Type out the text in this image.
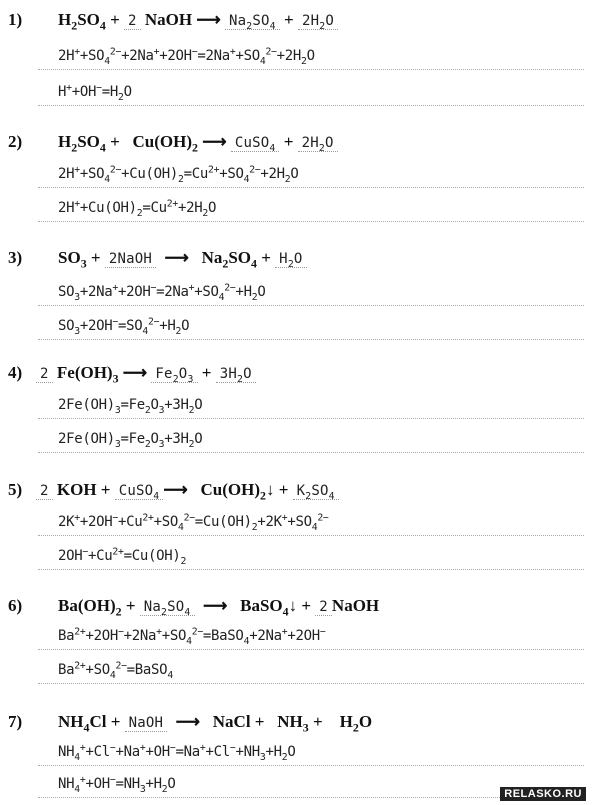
1) $H_2SO_4 + 2$ NaOH ⟶ $Na_2SO_4 + 2H_2O$
$2H^++SO_4^{2-}+2Na^++2OH^-=2Na^++SO_4^{2-}+2H_2O$
$H^++OH^-=H_2O$
2) $H_2SO_4 + Cu(OH)_2$ ⟶ CuSO$_4$ + $2H_2O$
$2H^++SO_4^{2-}+Cu(OH)_2=Cu^{2+}+SO_4^{2-}+2H_2O$
$2H^++Cu(OH)_2=Cu^{2+}+2H_2O$
3) $SO_3$ + 2NaOH  ⟶   $Na_2SO_4 + H_2O$
$SO_3+2Na^++2OH^-=2Na^++SO_4^{2-}+H_2O$
$SO_3+2OH^-=SO_4^{2-}+H_2O$
4) 2 $Fe(OH)_3$ ⟶ $Fe_2O_3 + 3H_2O$
$2Fe(OH)_3=Fe_2O_3+3H_2O$
$2Fe(OH)_3=Fe_2O_3+3H_2O$
5) 2 KOH + CuSO$_4$ ⟶   $Cu(OH)_2↓ + K_2SO_4$
$2K^++2OH^-+Cu^{2+}+SO_4^{2-}=Cu(OH)_2+2K^++SO_4^{2-}$
$2OH^-+Cu^{2+}=Cu(OH)_2$
6) $Ba(OH)_2 + Na_2SO_4$  ⟶   BaSO$_4$↓ + 2 NaOH
$Ba^{2+}+2OH^-+2Na^++SO_4^{2-}=BaSO_4+2Na^++2OH^-$
$Ba^{2+}+SO_4^{2-}=BaSO_4$
7) $NH_4Cl$ + NaOH  ⟶   NaCl +   $NH_3$ +    $H_2O$
$NH_4^++Cl^-+Na^++OH^-=Na^++Cl^-+NH_3+H_2O$
$NH_4^++OH^-=NH_3+H_2O$
RELASKO.RU
